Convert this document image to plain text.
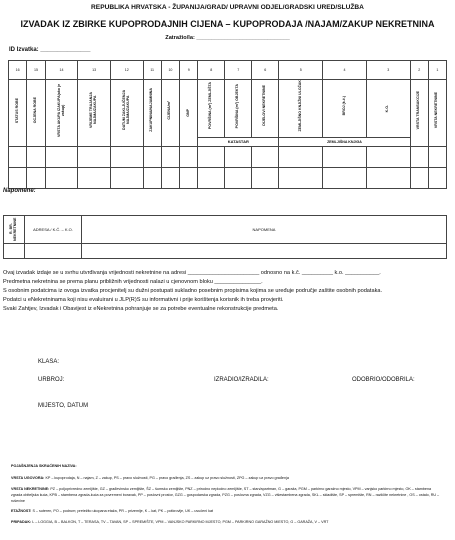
REPUBLIKA HRVATSKA - ŽUPANIJA/GRAD/ UPRAVNI ODJEL/GRADSKI URED/SLUŽBA
IZVADAK IZ ZBIRKE KUPOPRODAJNIH CIJENA – KUPOPRODAJA /NAJAM/ZAKUP NEKRETNINA
Zatražio/la: ______________________________
ID Izvatka: _______________
16	15	14	13	12	11	10	9	8	7	6	5	4	3	2	1
STATUS ROBE	OCJENA ROBE	VRSTA AKUPA /ZAKUPA(ako je zakup)	VRIJEME TRAJANJA NAJMA/ZAKUPA	DATUM ZAKLJUČENJA NAJMA/ZAKUPA	ZAKUPNINA/NAJAMNINA	CIJENA/m²	GNP	POVRŠINA (m²) ZEMLJIŠTA	POVRŠINA (m²) OBJEKTA	DIJELOVI NEKRETNINE	ZEMLJIŠNO KNJIŽNI ULOŽAK	BROJ (k.č.)	K.O.	VRSTA TRANSAKCIJE	VRSTA NEKRETNINE
								KATASTAR			ZEMLJIŠNA KNJIGA				

Napomene:
R. BR. NEKRETNINE	ADRESA / K.Č. – K.O.	NAPOMENA

Ovaj izvadak izdaje se u svrhu utvrđivanja vrijednosti nekretnine na adresi _______________________ odnosno na k.č. __________ k.o. ___________.
Predmetna nekretnina se prema planu približnih vrijednosti nalazi u cjenovnom bloku _______________.
S osobnim podatcima iz ovoga izvatka procjenitelj su dužni postupati sukladno posebnim propisima kojima se uređuje područje zaštite osobnih podataka.
Podatci u eNekretninama koji nisu evaluirani u JLP(R)S su informativni i prije korištenja korisnik ih treba provjeriti.
Svaki Zahtjev, Izvadak i Obavijest iz eNekretnina pohranjuje se za potrebe eventualne rekonstrukcije predmeta.
KLASA:
URBROJ:	IZRADIO/IZRADILA:	ODOBRIO/ODOBRILA:
MIJESTO, DATUM
POJAŠNJENJA SKRAĆENIH NAZIVA:
VRSTA UGOVORA: KP – kupoprodaja, N – najam, Z – zakup, PS – pravo služnosti, PG – pravo građenja, ZS – zakup uz pravo služnosti, ZPG – zakup uz pravo građenja
VRSTA NEKRETNINE: PZ – poljoprivredno zemljište, GZ – građevinsko zemljište, ŠZ – šumsko zemljište, PNZ – prirodno neplodno zemljište, ST – stan/apartman, G – garaža, PGM – parkirno garažno mjesto, VPM – vanjsko parkirno mjesto, OK – stambena zgrada obiteljska kuća, KPB – stambena zgrada-kuća za povremeni boravak, PP – poslovni prostor, GZG – gospodarska zgrada, PZG – poslovna zgrada, VZG – višestambena zgrada, SKL – skladište, SP – spremište, RN – različite nekretnine , OS – ostalo, RU – ruševine
ETAŽNOST: S – suteren, PO – podrum; pretežito ukopana etaža, PR – prizemlje, K – kat, PK – potkrovlje, UK – uvučeni kat
PRIPADAK: L – LOGGIA, B – BALKON, T – TERASA, TV – TAVAN, SP – SPREMIŠTE, VPM – VANJSKO PARKIRNO MJESTO, PGM – PARKIRNO GARAŽNO MIESTO, G – GARAŽA, V – VRT
